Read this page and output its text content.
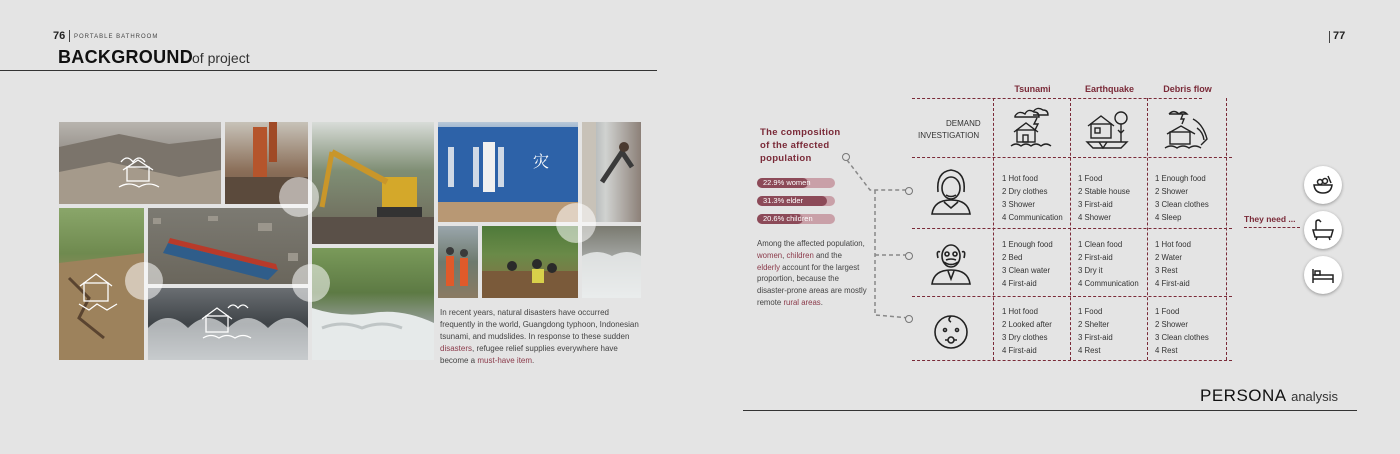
76 PORTABLE BATHROOM
BACKGROUND of project
灾
In recent years, natural disasters have occurred frequently in the world, Guangdong typhoon, Indonesian tsunami, and mudslides. In response to these sudden disasters, refugee relief supplies everywhere have become a must-have item.
77
The composition
of the affected
population
22.9% women
31.3% elder
20.6% children
Among the affected population, women, children and the elderly account for the largest proportion, because the disaster-prone areas are mostly remote rural areas.
Tsunami	Earthquake	Debris flow
DEMAND
INVESTIGATION
1 Hot food
2 Dry clothes
3 Shower
4 Communication
1 Food
2 Stable house
3 First-aid
4 Shower
1 Enough food
2 Shower
3 Clean clothes
4 Sleep
1 Enough food
2 Bed
3 Clean water
4 First-aid
1 Clean food
2 First-aid
3 Dry it
4 Communication
1 Hot food
2 Water
3 Rest
4 First-aid
1 Hot food
2 Looked after
3 Dry clothes
4 First-aid
1 Food
2 Shelter
3 First-aid
4 Rest
1 Food
2 Shower
3 Clean clothes
4 Rest
They need ...
PERSONA analysis
